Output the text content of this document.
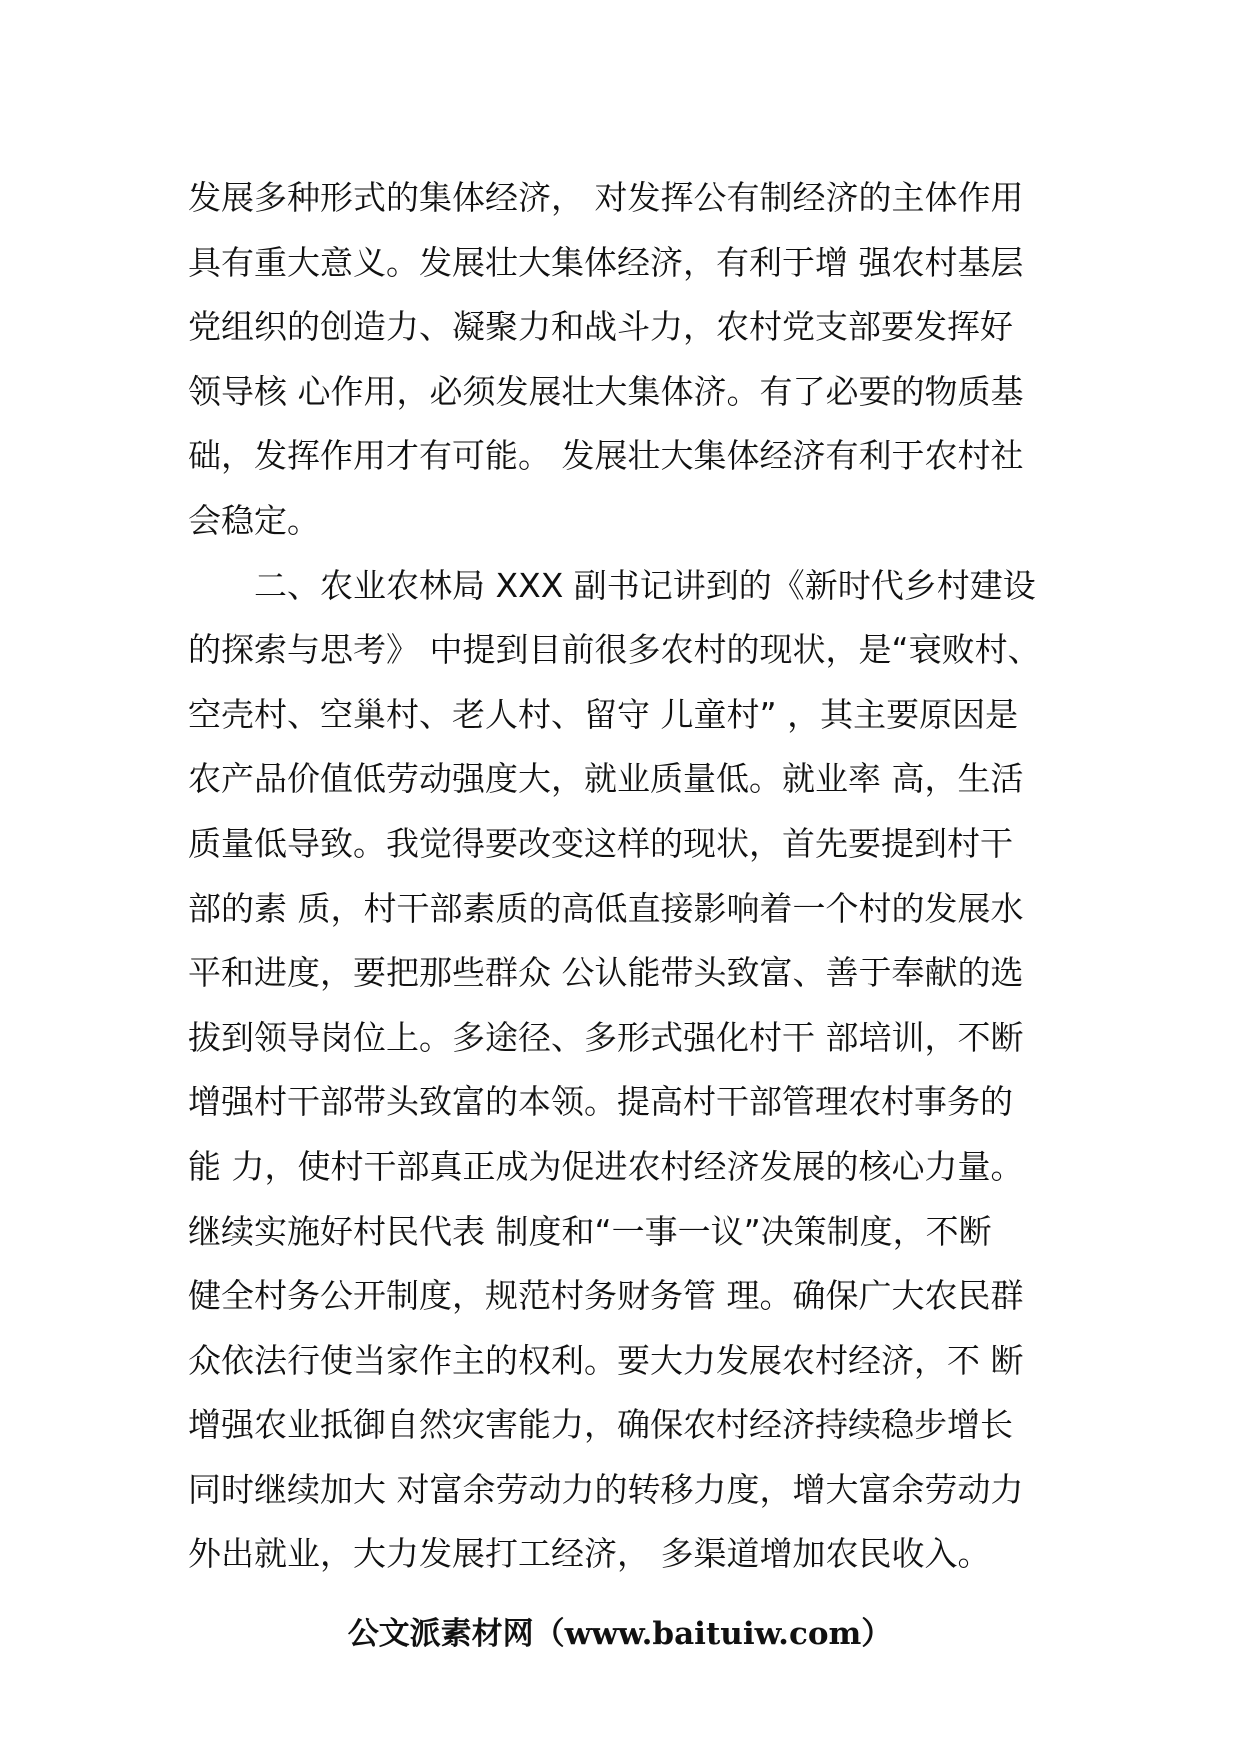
发展多种形式的集体经济， 对发挥公有制经济的主体作用
具有重大意义。发展壮大集体经济，有利于增 强农村基层
党组织的创造力、凝聚力和战斗力，农村党支部要发挥好
领导核 心作用，必须发展壮大集体济。有了必要的物质基
础，发挥作用才有可能。 发展壮大集体经济有利于农村社
会稳定。
二、农业农林局 XXX 副书记讲到的《新时代乡村建设
的探索与思考》 中提到目前很多农村的现状，是“衰败村、
空壳村、空巢村、老人村、留守 儿童村” ，其主要原因是
农产品价值低劳动强度大，就业质量低。就业率 高，生活
质量低导致。我觉得要改变这样的现状，首先要提到村干
部的素 质，村干部素质的高低直接影响着一个村的发展水
平和进度，要把那些群众 公认能带头致富、善于奉献的选
拔到领导岗位上。多途径、多形式强化村干 部培训，不断
增强村干部带头致富的本领。提高村干部管理农村事务的
能 力，使村干部真正成为促进农村经济发展的核心力量。
继续实施好村民代表 制度和“一事一议”决策制度，不断
健全村务公开制度，规范村务财务管 理。确保广大农民群
众依法行使当家作主的权利。要大力发展农村经济，不 断
增强农业抵御自然灾害能力，确保农村经济持续稳步增长
同时继续加大 对富余劳动力的转移力度，增大富余劳动力
外出就业，大力发展打工经济， 多渠道增加农民收入。
公文派素材网（www.baituiw.com）
